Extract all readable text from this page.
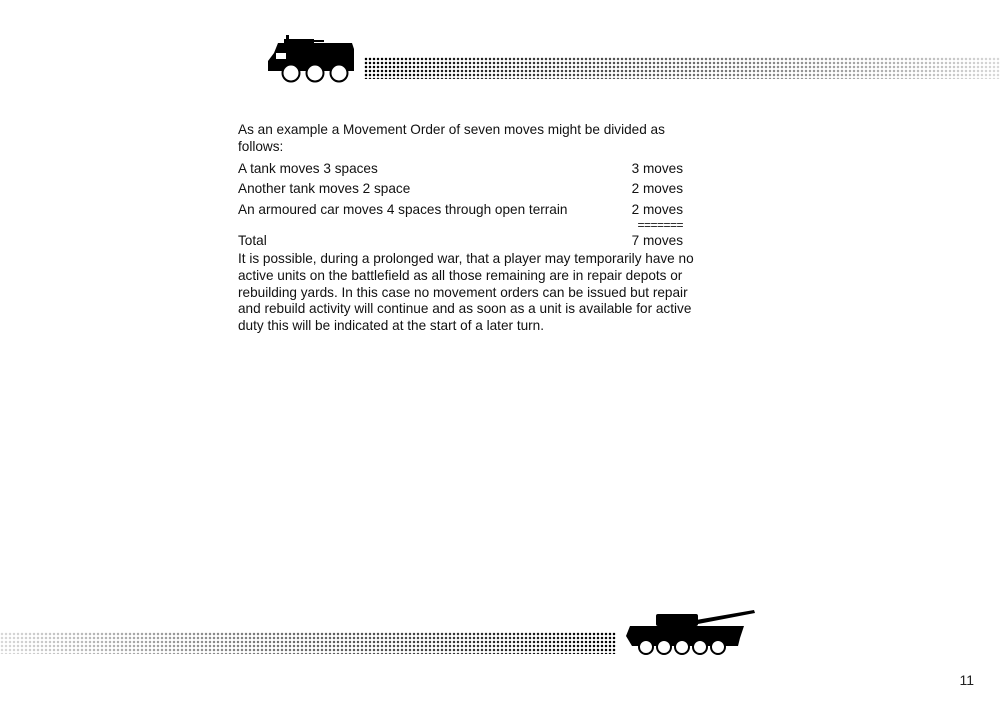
As an example a Movement Order of seven moves might be divided as follows:

A tank moves 3 spaces	3 moves
Another tank moves 2 space	2 moves
An armoured car moves 4 spaces through open terrain	2 moves
=======
Total	7 moves

It is possible, during a prolonged war, that a player may temporarily have no active units on the battlefield as all those remaining are in repair depots or rebuilding yards. In this case no movement orders can be issued but repair and rebuild activity will continue and as soon as a unit is available for active duty this will be indicated at the start of a later turn.

11
